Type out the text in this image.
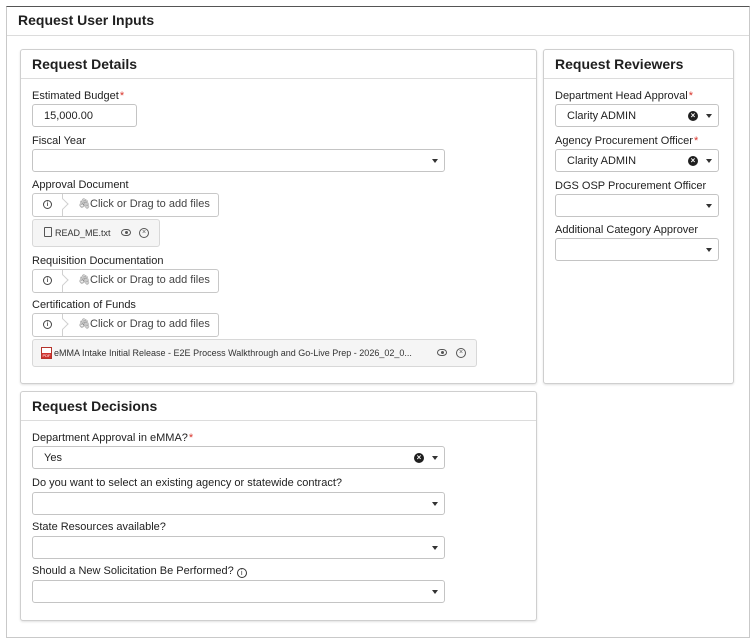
Request User Inputs
Request Details
Estimated Budget*
15,000.00
Fiscal Year
Approval Document
i	🖇 Click or Drag to add files
READ_ME.txt	×
Requisition Documentation
i	🖇 Click or Drag to add files
Certification of Funds
i	🖇 Click or Drag to add files
PDF eMMA Intake Initial Release - E2E Process Walkthrough and Go-Live Prep - 2026_02_0...	×
Request Reviewers
Department Head Approval*
Clarity ADMIN	×
Agency Procurement Officer*
Clarity ADMIN	×
DGS OSP Procurement Officer
Additional Category Approver
Request Decisions
Department Approval in eMMA?*
Yes	×
Do you want to select an existing agency or statewide contract?
State Resources available?
Should a New Solicitation Be Performed? i
